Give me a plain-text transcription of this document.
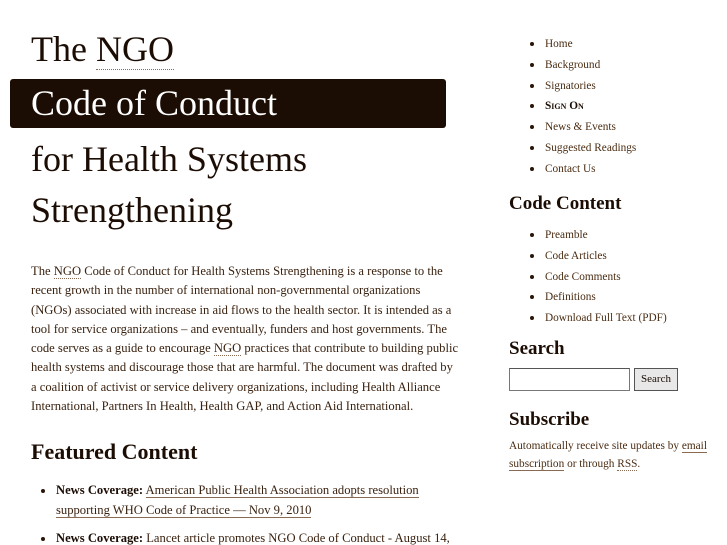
The NGO
Code of Conduct
for Health Systems
Strengthening

The NGO Code of Conduct for Health Systems Strengthening is a response to the recent growth in the number of international non-governmental organizations (NGOs) associated with increase in aid flows to the health sector. It is intended as a tool for service organizations – and eventually, funders and host governments. The code serves as a guide to encourage NGO practices that contribute to building public health systems and discourage those that are harmful. The document was drafted by a coalition of activist or service delivery organizations, including Health Alliance International, Partners In Health, Health GAP, and Action Aid International.

Featured Content
News Coverage: American Public Health Association adopts resolution supporting WHO Code of Practice — Nov 9, 2010
News Coverage: Lancet article promotes NGO Code of Conduct - August 14,
Home
Background
Signatories
Sign On
News & Events
Suggested Readings
Contact Us
Code Content
Preamble
Code Articles
Code Comments
Definitions
Download Full Text (PDF)
Search
Search
Subscribe

Automatically receive site updates by email subscription or through RSS.
